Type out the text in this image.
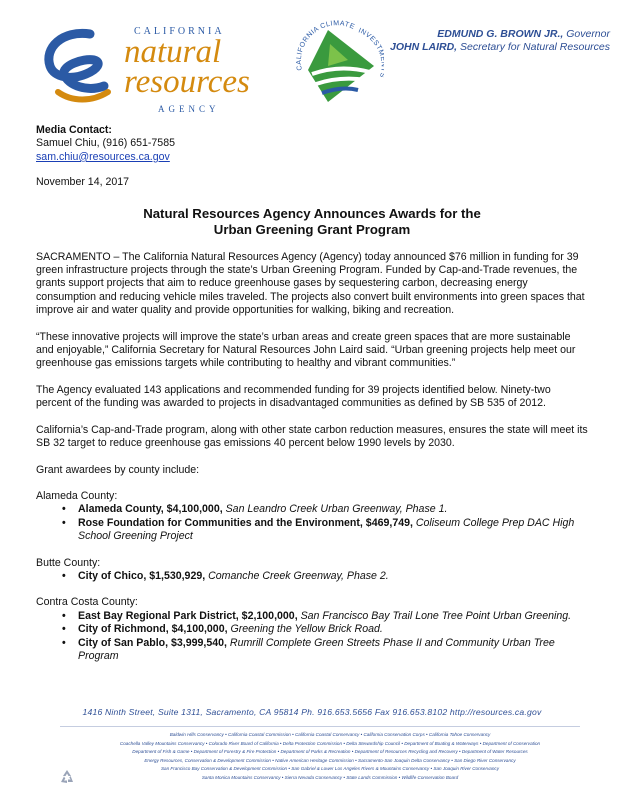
CALIFORNIA
natural
resources
AGENCY
CALIFORNIA CLIMATE INVEST
EDMUND G. BROWN JR., Governor
JOHN LAIRD, Secretary for Natural Resources
Media Contact:
Samuel Chiu, (916) 651-7585
sam.chiu@resources.ca.gov
November 14, 2017
Natural Resources Agency Announces Awards for the
Urban Greening Grant Program

SACRAMENTO – The California Natural Resources Agency (Agency) today announced $76 million in funding for 39 green infrastructure projects through the state’s Urban Greening Program. Funded by Cap-and-Trade revenues, the grants support projects that aim to reduce greenhouse gases by sequestering carbon, decreasing energy consumption and reducing vehicle miles traveled. The projects also convert built environments into green spaces that improve air and water quality and provide opportunities for walking, biking and recreation.

“These innovative projects will improve the state’s urban areas and create green spaces that are more sustainable and enjoyable,” California Secretary for Natural Resources John Laird said. “Urban greening projects help meet our greenhouse gas emissions targets while contributing to healthy and vibrant communities.”

The Agency evaluated 143 applications and recommended funding for 39 projects identified below. Ninety-two percent of the funding was awarded to projects in disadvantaged communities as defined by SB 535 of 2012.

California’s Cap-and-Trade program, along with other state carbon reduction measures, ensures the state will meet its SB 32 target to reduce greenhouse gas emissions 40 percent below 1990 levels by 2030.

Grant awardees by county include:

Alameda County:
• Alameda County, $4,100,000, San Leandro Creek Urban Greenway, Phase 1.
• Rose Foundation for Communities and the Environment, $469,749, Coliseum College Prep DAC High School Greening Project
Butte County:
• City of Chico, $1,530,929, Comanche Creek Greenway, Phase 2.
Contra Costa County:
• East Bay Regional Park District, $2,100,000, San Francisco Bay Trail Lone Tree Point Urban Greening.
• City of Richmond, $4,100,000, Greening the Yellow Brick Road.
• City of San Pablo, $3,999,540, Rumrill Complete Green Streets Phase II and Community Urban Tree Program
1416 Ninth Street, Suite 1311, Sacramento, CA 95814 Ph. 916.653.5656 Fax 916.653.8102 http://resources.ca.gov
Baldwin Hills Conservancy • California Coastal Commission • California Coastal Conservancy • California Conservation Corps • California Tahoe Conservancy
Coachella Valley Mountains Conservancy • Colorado River Board of California • Delta Protection Commission • Delta Stewardship Council • Department of Boating & Waterways • Department of Conservation
Department of Fish & Game • Department of Forestry & Fire Protection • Department of Parks & Recreation • Department of Resources Recycling and Recovery • Department of Water Resources
Energy Resources, Conservation & Development Commission • Native American Heritage Commission • Sacramento-San Joaquin Delta Conservancy • San Diego River Conservancy
San Francisco Bay Conservation & Development Commission • San Gabriel & Lower Los Angeles Rivers & Mountains Conservancy • San Joaquin River Conservancy
Santa Monica Mountains Conservancy • Sierra Nevada Conservancy • State Lands Commission • Wildlife Conservation Board
